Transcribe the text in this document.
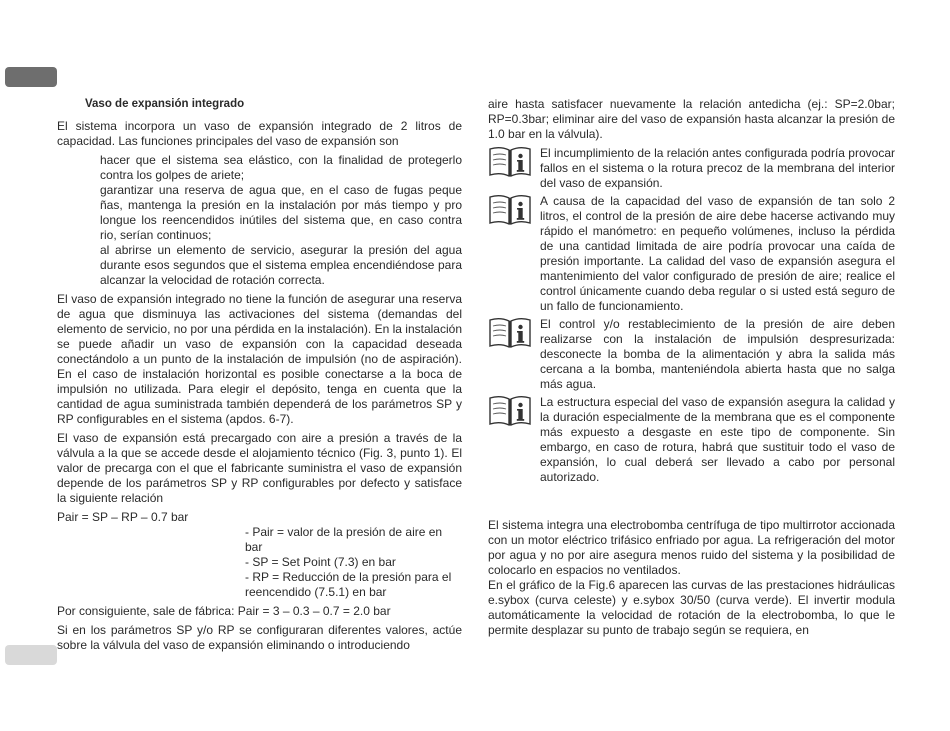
Vaso de expansión integrado

El sistema incorpora un vaso de expansión integrado de 2 litros de capacidad. Las funciones principales del vaso de expansión son

hacer que el sistema sea elástico, con la finalidad de protegerlo contra los golpes de ariete;

garantizar una reserva de agua que, en el caso de fugas peque ñas, mantenga la presión en la instalación por más tiempo y pro longue los reencendidos inútiles del sistema que, en caso contra rio, serían continuos;

al abrirse un elemento de servicio, asegurar la presión del agua durante esos segundos que el sistema emplea encendiéndose para alcanzar la velocidad de rotación correcta.

El vaso de expansión integrado no tiene la función de asegurar una reserva de agua que disminuya las activaciones del sistema (demandas del elemento de servicio, no por una pérdida en la instalación). En la instalación se puede añadir un vaso de expansión con la capacidad deseada conectándolo a un punto de la instalación de impulsión (no de aspiración). En el caso de instalación horizontal es posible conectarse a la boca de impulsión no utilizada. Para elegir el depósito, tenga en cuenta que la cantidad de agua suministrada también dependerá de los parámetros SP y RP configurables en el sistema (apdos. 6-7).

El vaso de expansión está precargado con aire a presión a través de la válvula a la que se accede desde el alojamiento técnico (Fig. 3, punto 1). El valor de precarga con el que el fabricante suministra el vaso de expansión depende de los parámetros SP y RP configurables por defecto y satisface la siguiente relación

Pair = SP – RP – 0.7 bar

- Pair = valor de la presión de aire en bar

- SP = Set Point (7.3) en bar

- RP = Reducción de la presión para el reencendido (7.5.1) en bar

Por consiguiente, sale de fábrica: Pair = 3 – 0.3 – 0.7 = 2.0 bar

Si en los parámetros SP y/o RP se configuraran diferentes valores, actúe sobre la válvula del vaso de expansión eliminando o introduciendo

aire hasta satisfacer nuevamente la relación antedicha (ej.: SP=2.0bar; RP=0.3bar; eliminar aire del vaso de expansión hasta alcanzar la presión de 1.0 bar en la válvula).

El incumplimiento de la relación antes configurada podría provocar fallos en el sistema o la rotura precoz de la membrana del interior del vaso de expansión.

A causa de la capacidad del vaso de expansión de tan solo 2 litros, el control de la presión de aire debe hacerse activando muy rápido el manómetro: en pequeño volúmenes, incluso la pérdida de una cantidad limitada de aire podría provocar una caída de presión importante. La calidad del vaso de expansión asegura el mantenimiento del valor configurado de presión de aire; realice el control únicamente cuando deba regular o si usted está seguro de un fallo de funcionamiento.

El control y/o restablecimiento de la presión de aire deben realizarse con la instalación de impulsión despresurizada: desconecte la bomba de la alimentación y abra la salida más cercana a la bomba, manteniéndola abierta hasta que no salga más agua.

La estructura especial del vaso de expansión asegura la calidad y la duración especialmente de la membrana que es el componente más expuesto a desgaste en este tipo de componente. Sin embargo, en caso de rotura, habrá que sustituir todo el vaso de expansión, lo cual deberá ser llevado a cabo por personal autorizado.

El sistema integra una electrobomba centrífuga de tipo multirrotor accionada con un motor eléctrico trifásico enfriado por agua. La refrigeración del motor por agua y no por aire asegura menos ruido del sistema y la posibilidad de colocarlo en espacios no ventilados.

En el gráfico de la Fig.6 aparecen las curvas de las prestaciones hidráulicas e.sybox (curva celeste) y e.sybox 30/50 (curva verde). El invertir modula automáticamente la velocidad de rotación de la electrobomba, lo que le permite desplazar su punto de trabajo según se requiera, en
